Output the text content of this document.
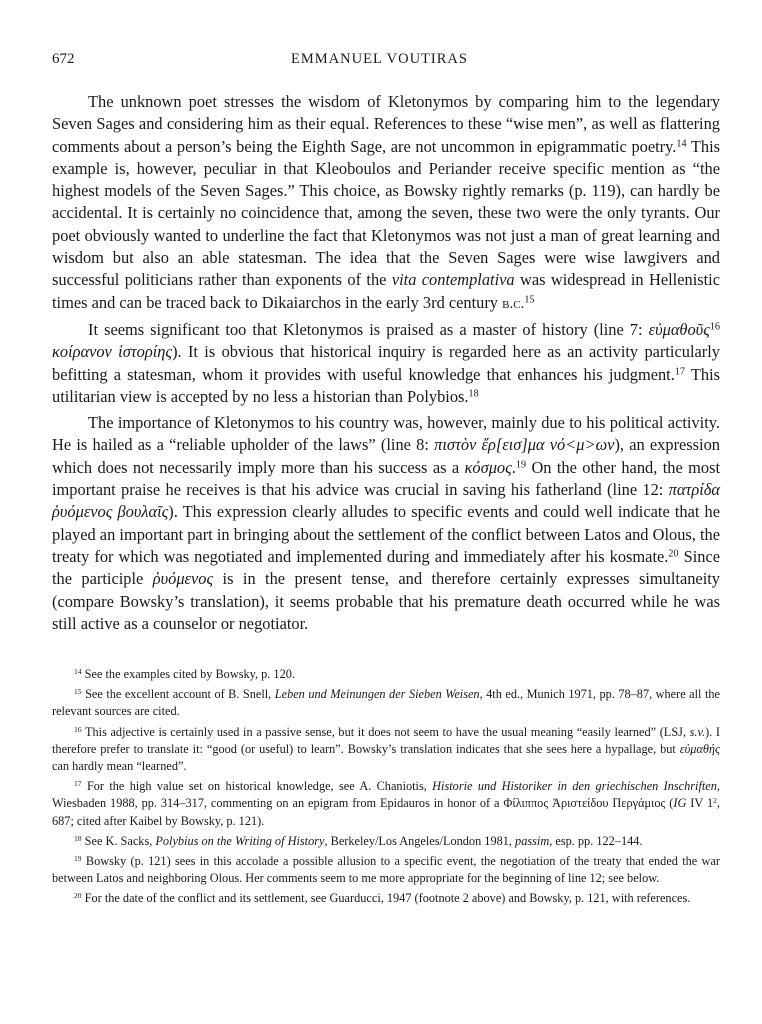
672	EMMANUEL VOUTIRAS

The unknown poet stresses the wisdom of Kletonymos by comparing him to the legendary Seven Sages and considering him as their equal. References to these “wise men”, as well as flattering comments about a person’s being the Eighth Sage, are not uncommon in epigrammatic poetry.$^{14}$ This example is, however, peculiar in that Kleoboulos and Periander receive specific mention as “the highest models of the Seven Sages.” This choice, as Bowsky rightly remarks (p. 119), can hardly be accidental. It is certainly no coincidence that, among the seven, these two were the only tyrants. Our poet obviously wanted to underline the fact that Kletonymos was not just a man of great learning and wisdom but also an able statesman. The idea that the Seven Sages were wise lawgivers and successful politicians rather than exponents of the vita contemplativa was widespread in Hellenistic times and can be traced back to Dikaiarchos in the early 3rd century b.c.$^{15}$

It seems significant too that Kletonymos is praised as a master of history (line 7: εὐμαθοῦς$^{16}$ κοίρανον ἱστορίης). It is obvious that historical inquiry is regarded here as an activity particularly befitting a statesman, whom it provides with useful knowledge that enhances his judgment.$^{17}$ This utilitarian view is accepted by no less a historian than Polybios.$^{18}$

The importance of Kletonymos to his country was, however, mainly due to his political activity. He is hailed as a “reliable upholder of the laws” (line 8: πιστὸν ἔρ[εισ]μα νό<μ>ων), an expression which does not necessarily imply more than his success as a κόσμος.$^{19}$ On the other hand, the most important praise he receives is that his advice was crucial in saving his fatherland (line 12: πατρίδα ῥυόμενος βουλαῖς). This expression clearly alludes to specific events and could well indicate that he played an important part in bringing about the settlement of the conflict between Latos and Olous, the treaty for which was negotiated and implemented during and immediately after his kosmate.$^{20}$ Since the participle ῥυόμενος is in the present tense, and therefore certainly expresses simultaneity (compare Bowsky’s translation), it seems probable that his premature death occurred while he was still active as a counselor or negotiator.

$^{14}$ See the examples cited by Bowsky, p. 120.

$^{15}$ See the excellent account of B. Snell, Leben und Meinungen der Sieben Weisen, 4th ed., Munich 1971, pp. 78–87, where all the relevant sources are cited.

$^{16}$ This adjective is certainly used in a passive sense, but it does not seem to have the usual meaning “easily learned” (LSJ, s.v.). I therefore prefer to translate it: “good (or useful) to learn”. Bowsky’s translation indicates that she sees here a hypallage, but εὐμαθής can hardly mean “learned”.

$^{17}$ For the high value set on historical knowledge, see A. Chaniotis, Historie und Historiker in den griechischen Inschriften, Wiesbaden 1988, pp. 314–317, commenting on an epigram from Epidauros in honor of a Φίλιππος Ἀριστείδου Περγάμιος (IG IV $1^2$, 687; cited after Kaibel by Bowsky, p. 121).

$^{18}$ See K. Sacks, Polybius on the Writing of History, Berkeley/Los Angeles/London 1981, passim, esp. pp. 122–144.

$^{19}$ Bowsky (p. 121) sees in this accolade a possible allusion to a specific event, the negotiation of the treaty that ended the war between Latos and neighboring Olous. Her comments seem to me more appropriate for the beginning of line 12; see below.

$^{20}$ For the date of the conflict and its settlement, see Guarducci, 1947 (footnote 2 above) and Bowsky, p. 121, with references.
